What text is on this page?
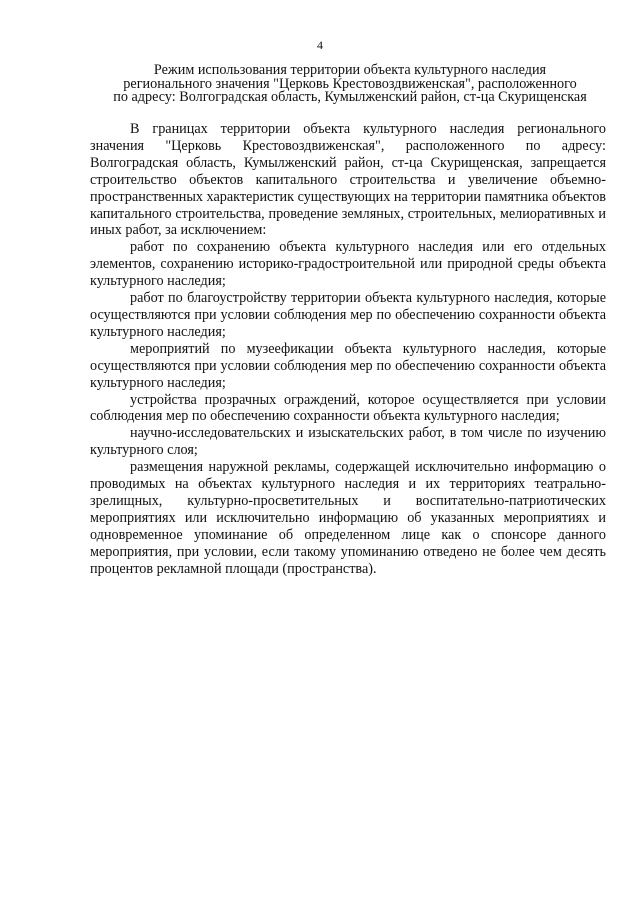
4
Режим использования территории объекта культурного наследия
регионального значения "Церковь Крестовоздвиженская", расположенного
по адресу: Волгоградская область, Кумылженский район, ст-ца Скурищенская

В границах территории объекта культурного наследия регионального значения "Церковь Крестовоздвиженская", расположенного по адресу: Волгоградская область, Кумылженский район, ст-ца Скурищенская, запрещается строительство объектов капитального строительства и увеличение объемно-пространственных характеристик существующих на территории памятника объектов капитального строительства, проведение земляных, строительных, мелиоративных и иных работ, за исключением:

работ по сохранению объекта культурного наследия или его отдельных элементов, сохранению историко-градостроительной или природной среды объекта культурного наследия;

работ по благоустройству территории объекта культурного наследия, которые осуществляются при условии соблюдения мер по обеспечению сохранности объекта культурного наследия;

мероприятий по музеефикации объекта культурного наследия, которые осуществляются при условии соблюдения мер по обеспечению сохранности объекта культурного наследия;

устройства прозрачных ограждений, которое осуществляется при условии соблюдения мер по обеспечению сохранности объекта культурного наследия;

научно-исследовательских и изыскательских работ, в том числе по изучению культурного слоя;

размещения наружной рекламы, содержащей исключительно информацию о проводимых на объектах культурного наследия и их территориях театрально-зрелищных, культурно-просветительных и воспитательно-патриотических мероприятиях или исключительно информацию об указанных мероприятиях и одновременное упоминание об определенном лице как о спонсоре данного мероприятия, при условии, если такому упоминанию отведено не более чем десять процентов рекламной площади (пространства).
